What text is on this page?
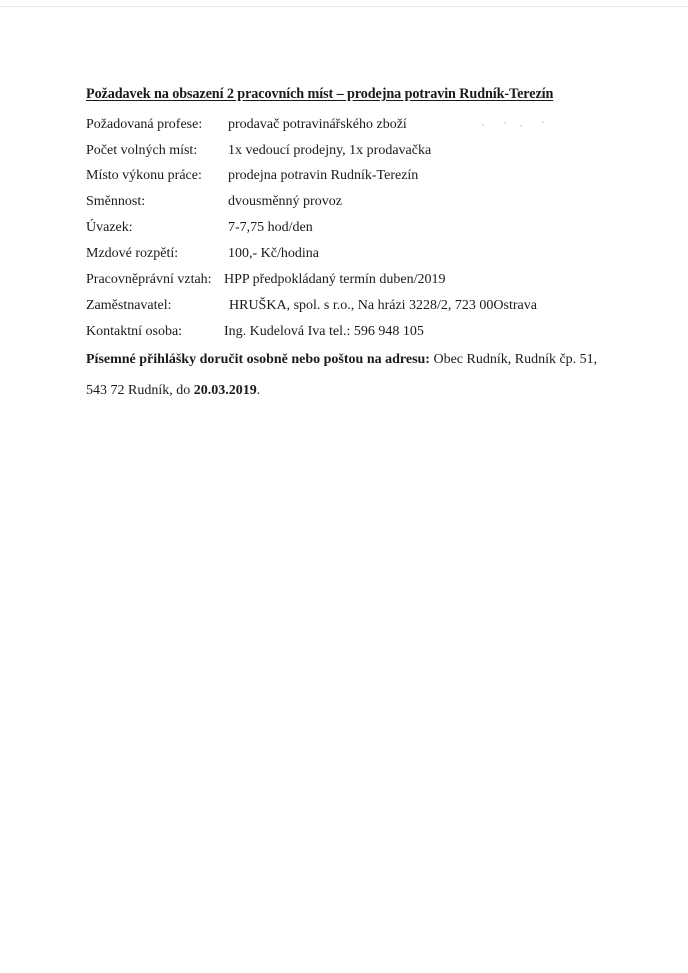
Požadavek na obsazení 2 pracovních míst – prodejna potravin Rudník-Terezín
Požadovaná profese: prodavač potravinářského zboží
Počet volných míst: 1x vedoucí prodejny, 1x prodavačka
Místo výkonu práce: prodejna potravin Rudník-Terezín
Směnnost:	dvousměnný provoz
Úvazek:	7-7,75 hod/den
Mzdové rozpětí:	100,- Kč/hodina
Pracovněprávní vztah: HPP předpokládaný termín duben/2019
Zaměstnavatel:	HRUŠKA, spol. s r.o., Na hrázi 3228/2, 723 00Ostrava
Kontaktní osoba:	Ing. Kudelová Iva tel.: 596 948 105
Písemné přihlášky doručit osobně nebo poštou na adresu: Obec Rudník, Rudník čp. 51,
543 72 Rudník, do 20.03.2019.
